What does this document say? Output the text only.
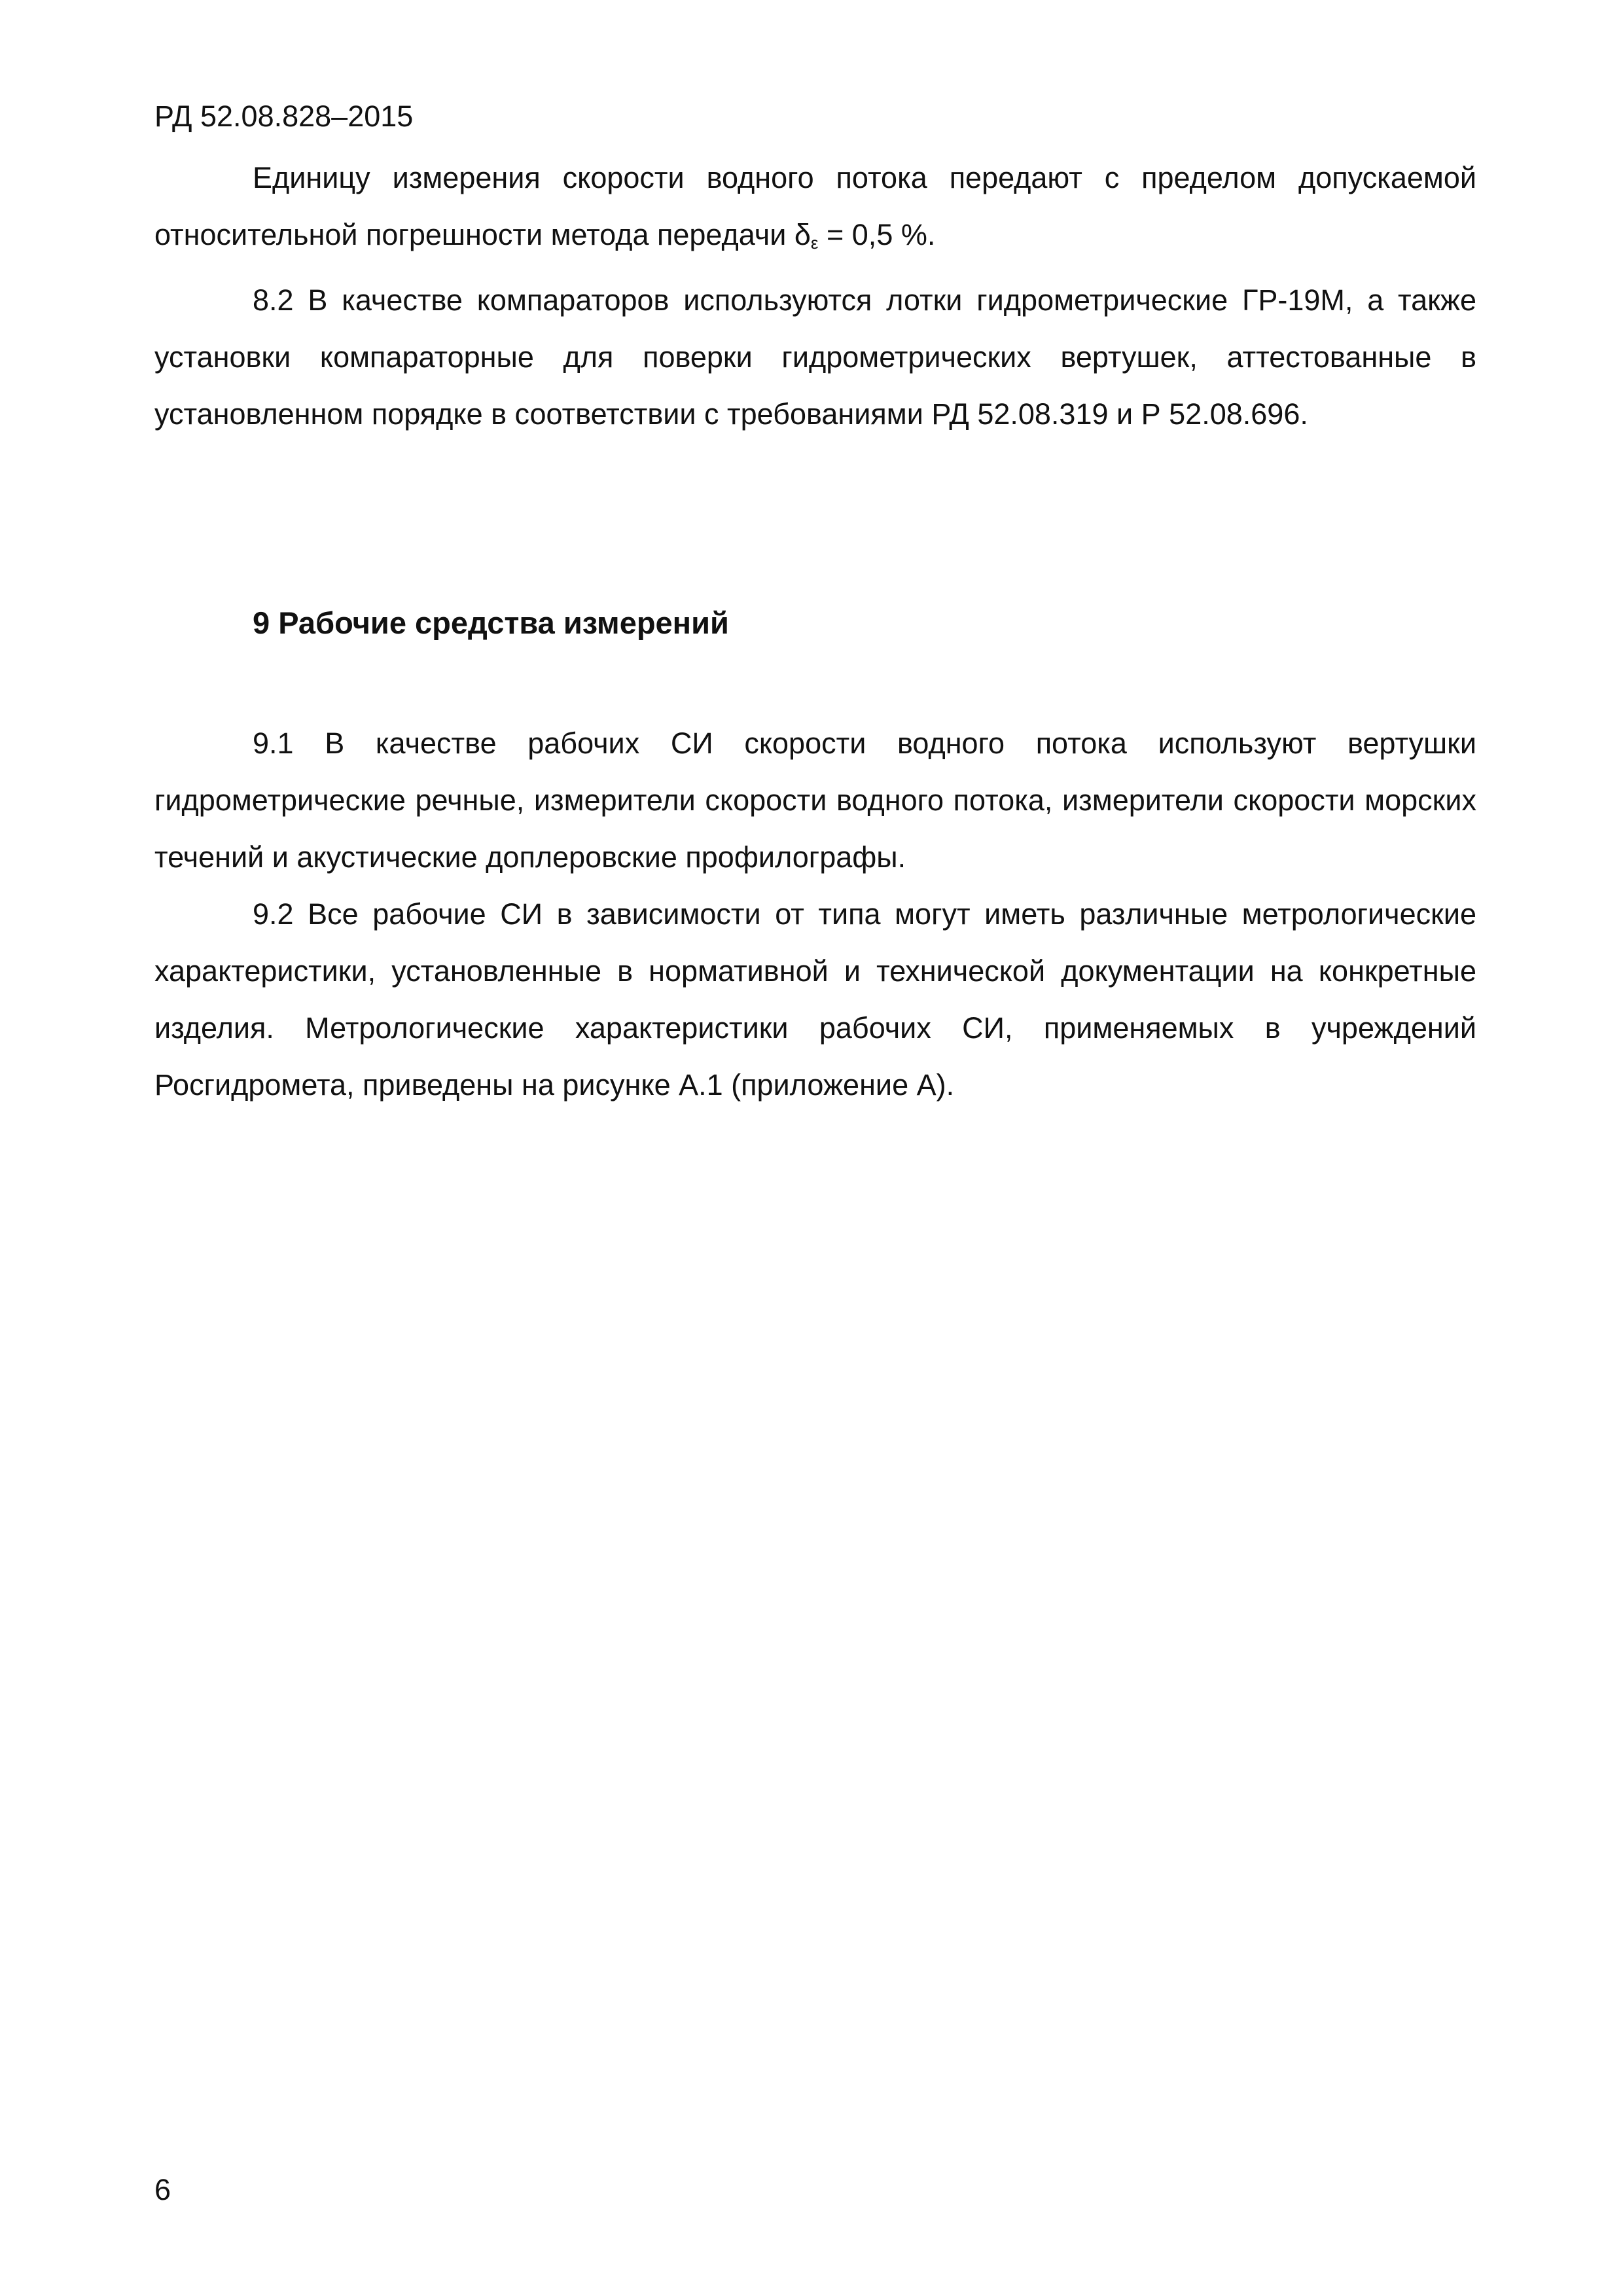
РД 52.08.828–2015

Единицу измерения скорости водного потока передают с пределом допускаемой относительной погрешности метода передачи δε = 0,5 %.

8.2 В качестве компараторов используются лотки гидрометрические ГР-19М, а также установки компараторные для поверки гидрометрических вертушек, аттестованные в установленном порядке в соответствии с требованиями РД 52.08.319 и Р 52.08.696.

9 Рабочие средства измерений

9.1 В качестве рабочих СИ скорости водного потока используют вертушки гидрометрические речные, измерители скорости водного потока, измерители скорости морских течений и акустические доплеровские профилографы.

9.2 Все рабочие СИ в зависимости от типа могут иметь различные метрологические характеристики, установленные в нормативной и технической документации на конкретные изделия. Метрологические характеристики рабочих СИ, применяемых в учреждений Росгидромета, приведены на рисунке А.1 (приложение А).

6
